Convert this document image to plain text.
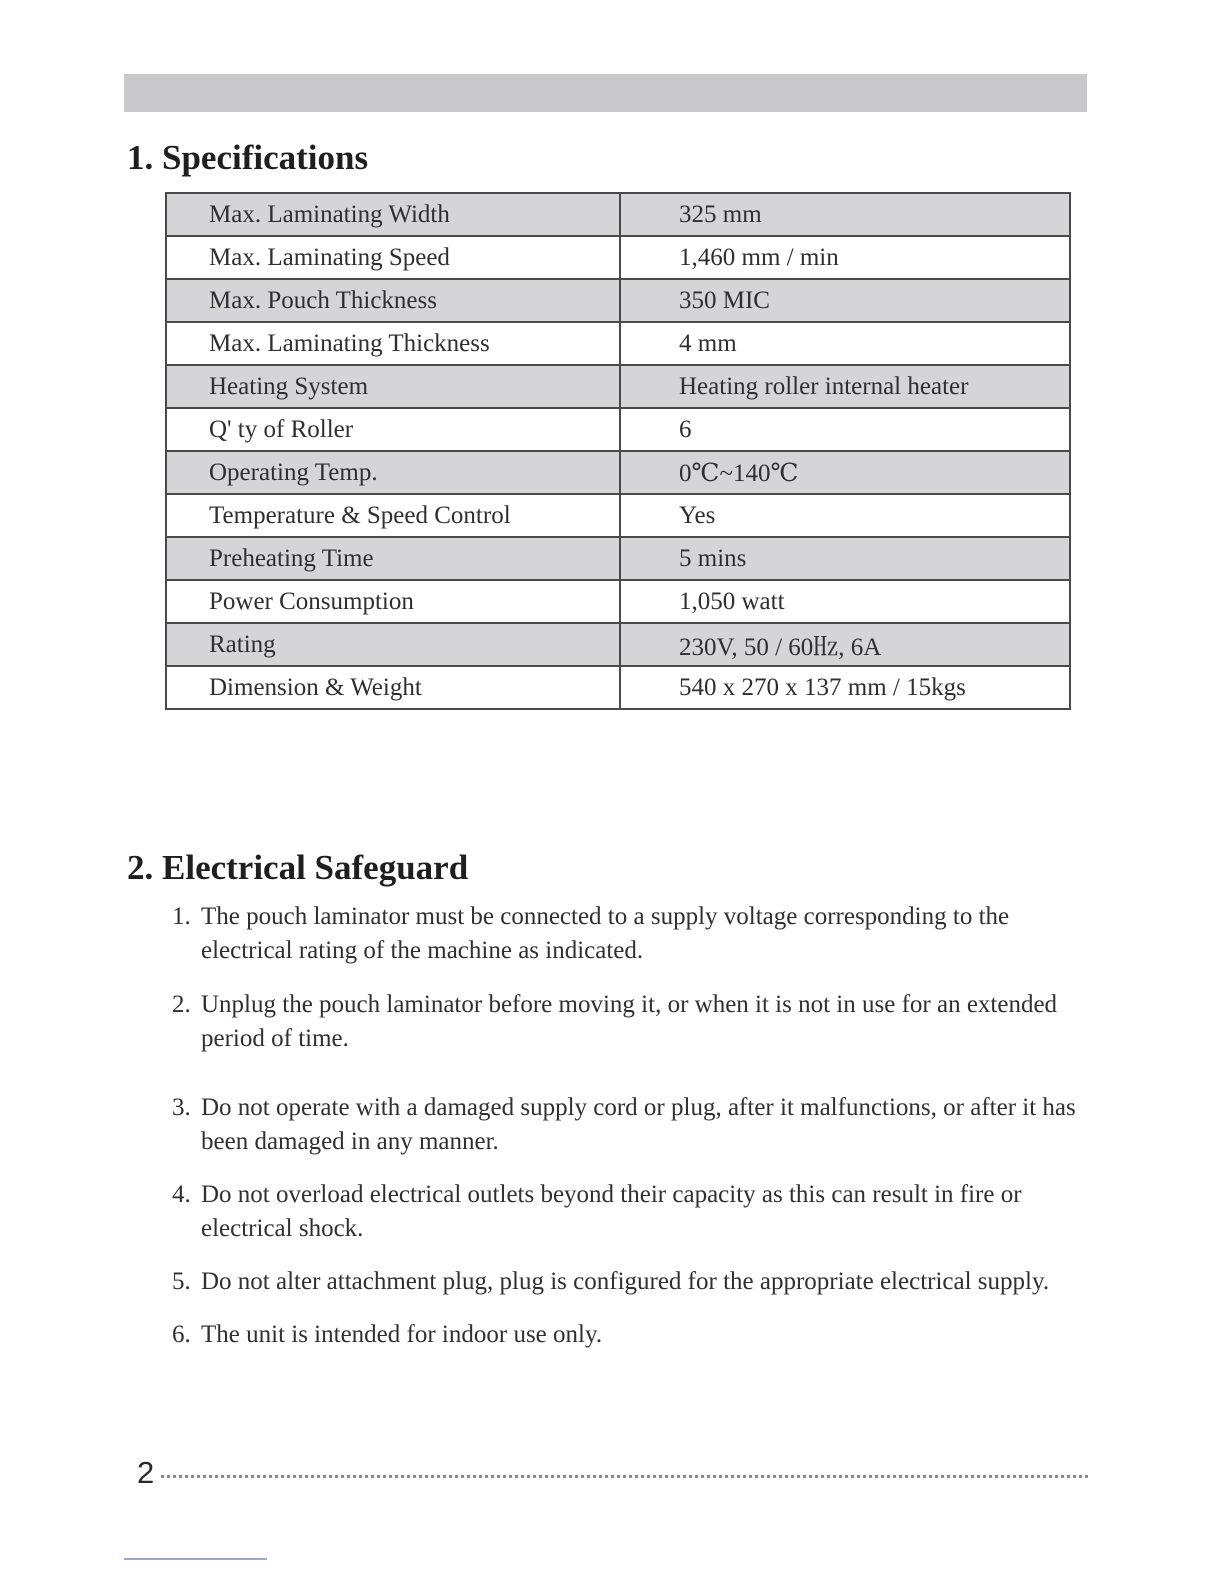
1. Specifications
Max. Laminating Width	325 mm
Max. Laminating Speed	1,460 mm / min
Max. Pouch Thickness	350 MIC
Max. Laminating Thickness	4 mm
Heating System	Heating roller internal heater
Q' ty of Roller	6
Operating Temp.	0℃~140℃
Temperature & Speed Control	Yes
Preheating Time	5 mins
Power Consumption	1,050 watt
Rating	230V, 50 / 60㎐, 6A
Dimension & Weight	540 x 270 x 137 mm / 15kgs
2. Electrical Safeguard
1. The pouch laminator must be connected to a supply voltage corresponding to the electrical rating of the machine as indicated.
2. Unplug the pouch laminator before moving it, or when it is not in use for an extended period of time.
3. Do not operate with a damaged supply cord or plug, after it malfunctions, or after it has been damaged in any manner.
4. Do not overload electrical outlets beyond their capacity as this can result in fire or electrical shock.
5. Do not alter attachment plug, plug is configured for the appropriate electrical supply.
6. The unit is intended for indoor use only.
2
